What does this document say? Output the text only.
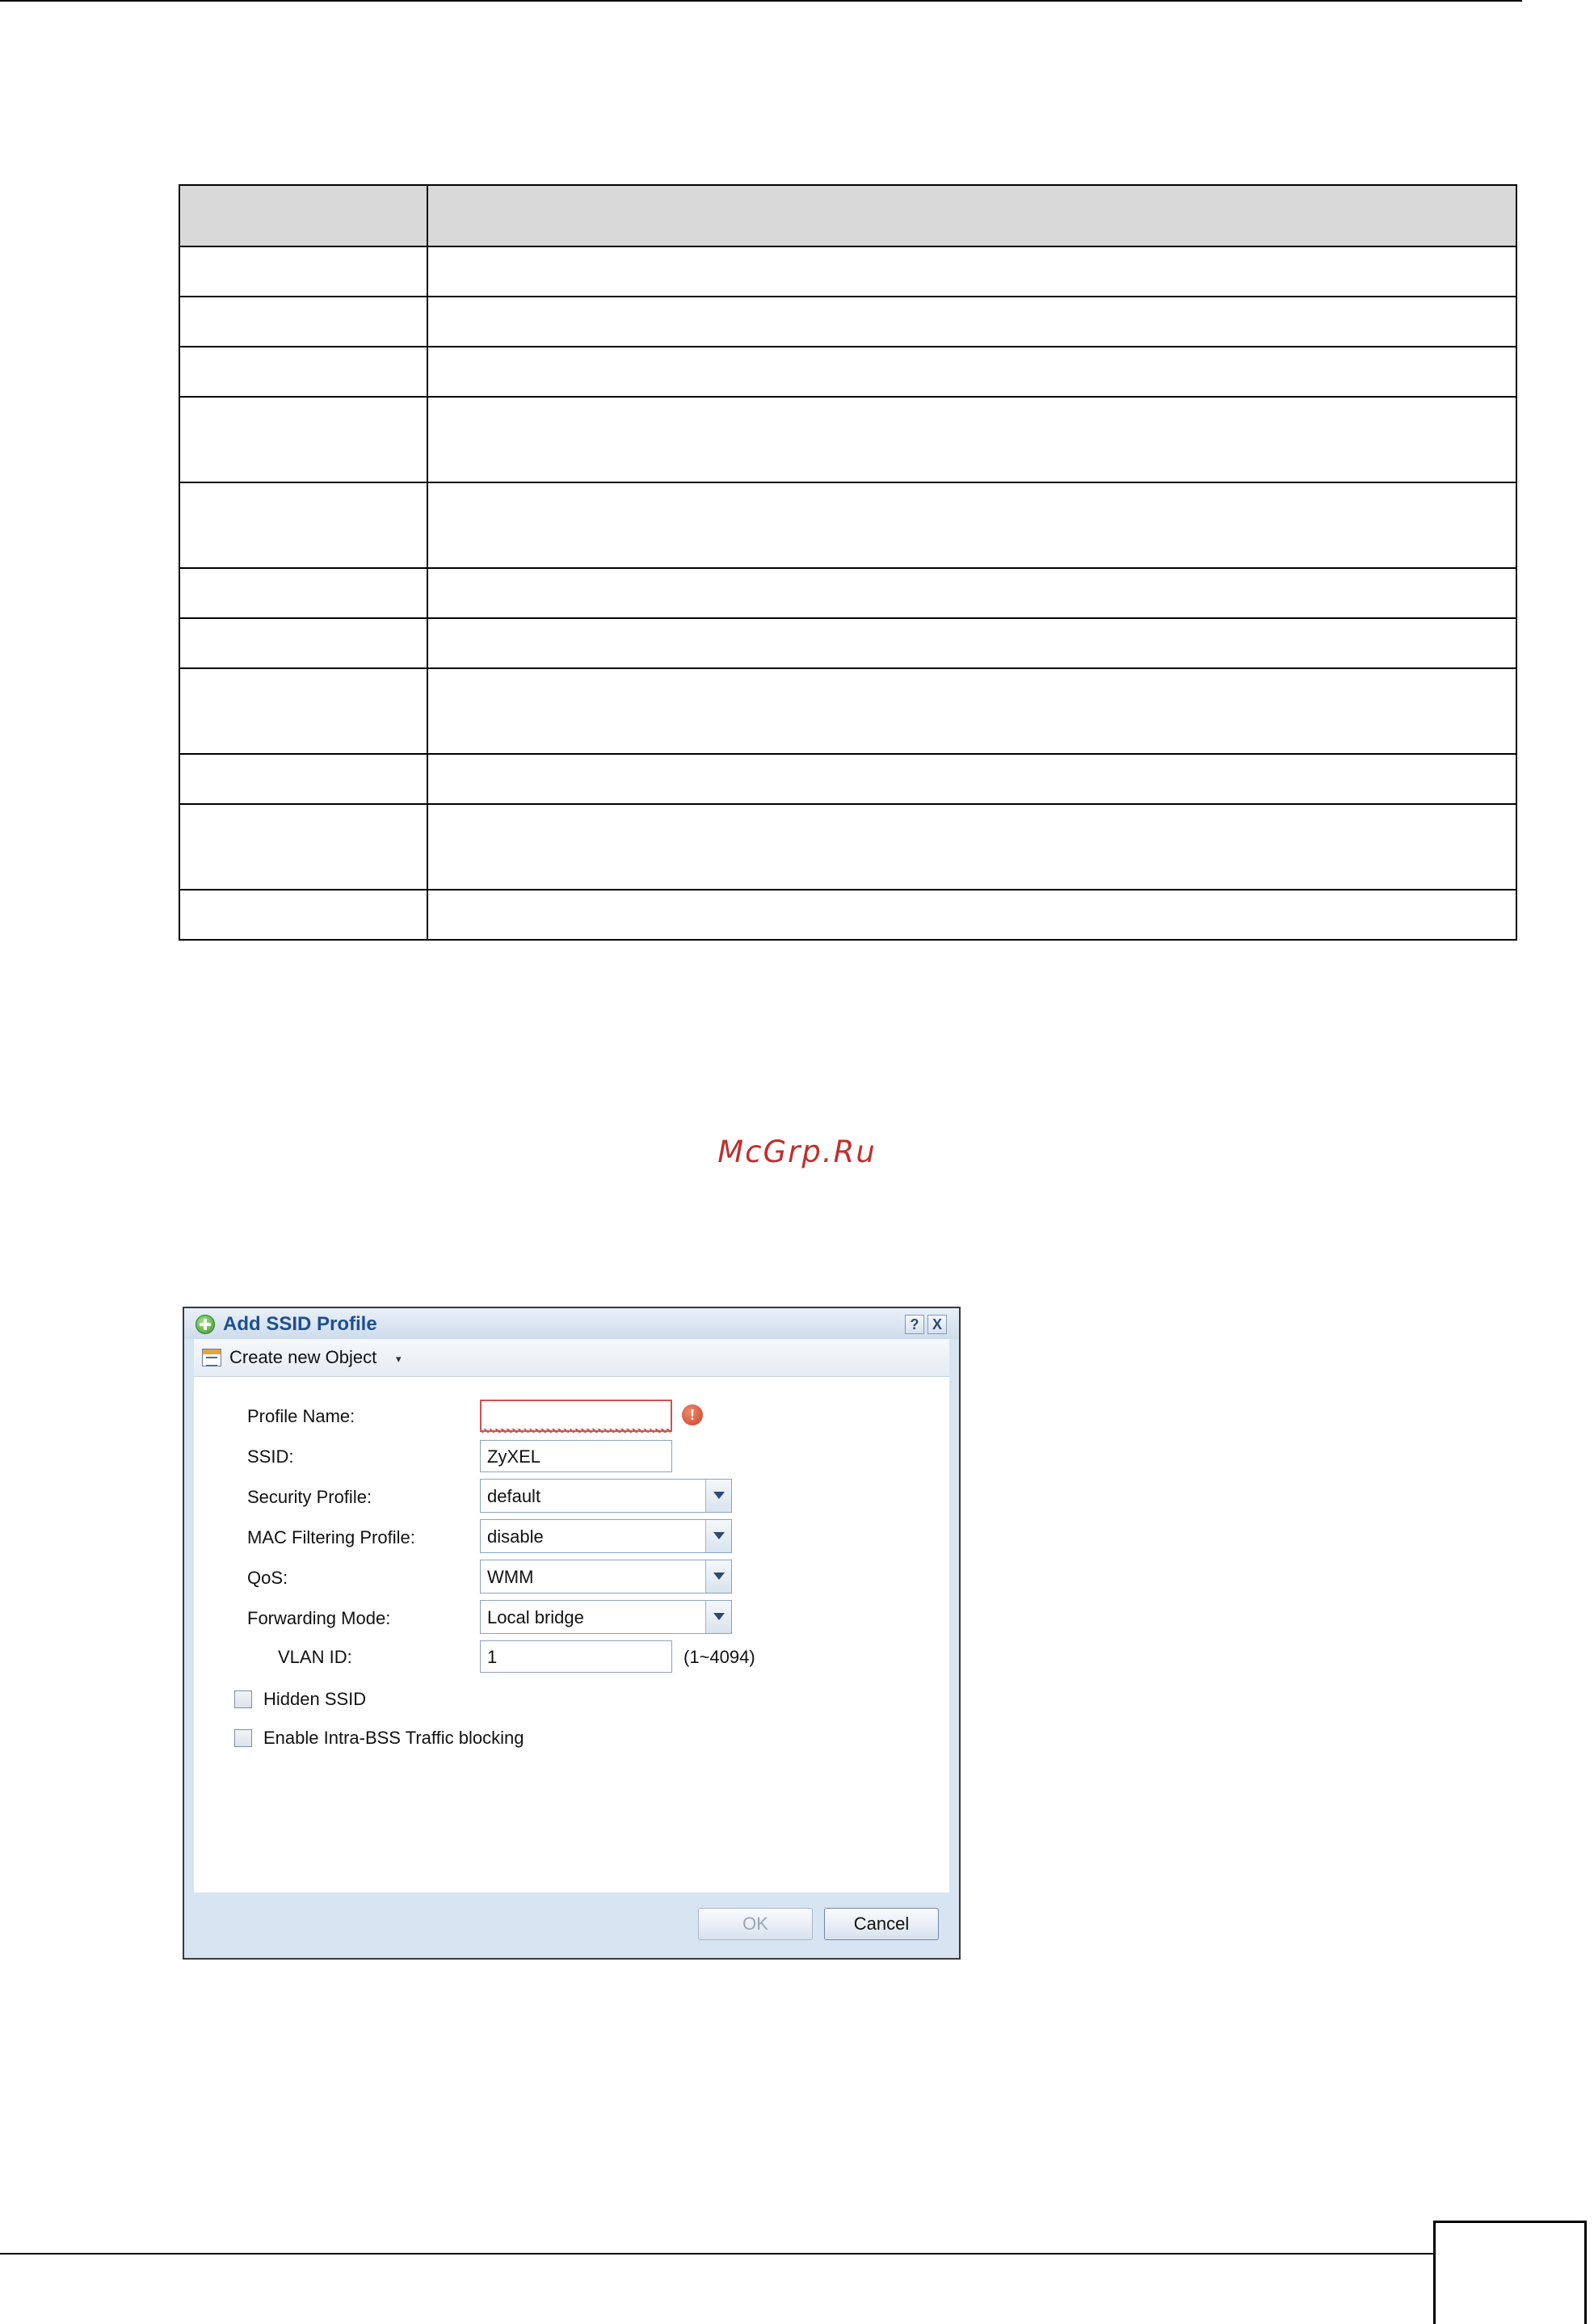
McGrp.Ru
Add SSID Profile	? X
Create new Object ▾
Profile Name:	!
SSID:	ZyXEL
Security Profile:	default
MAC Filtering Profile:	disable
QoS:	WMM
Forwarding Mode:	Local bridge
VLAN ID:	1	(1~4094)
Hidden SSID
Enable Intra-BSS Traffic blocking
OK	Cancel
